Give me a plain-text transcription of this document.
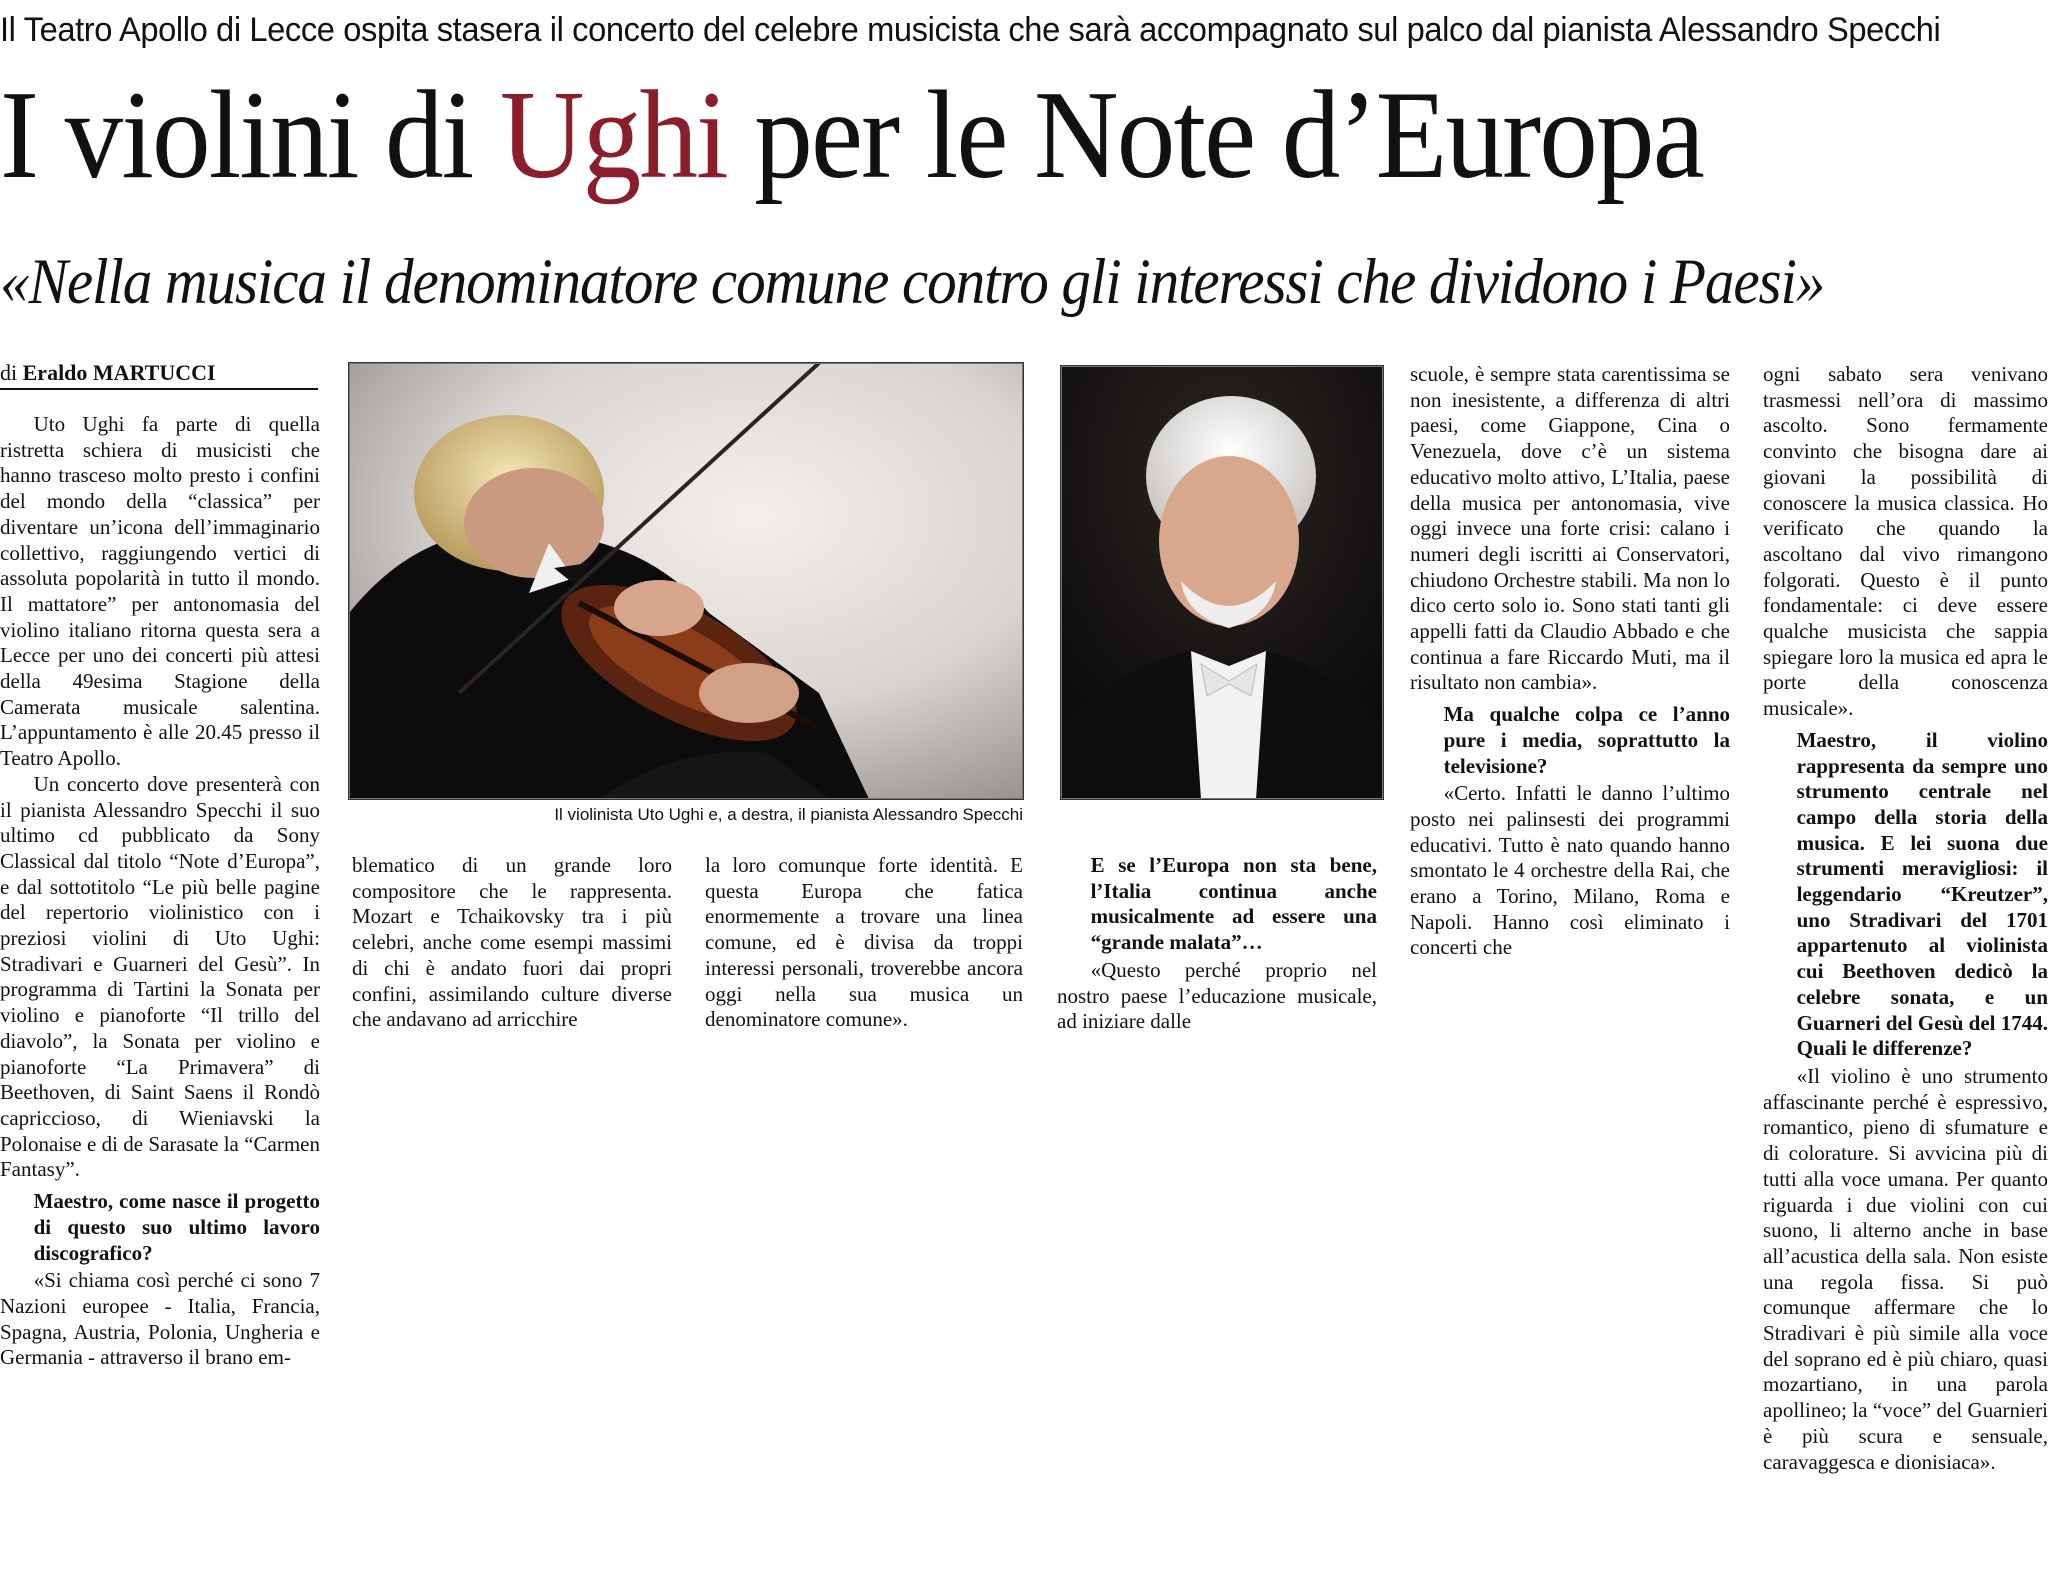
Il Teatro Apollo di Lecce ospita stasera il concerto del celebre musicista che sarà accompagnato sul palco dal pianista Alessandro Specchi
I violini di Ughi per le Note d’Europa
«Nella musica il denominatore comune contro gli interessi che dividono i Paesi»
di Eraldo MARTUCCI

Uto Ughi fa parte di quella ristretta schiera di musicisti che hanno trasceso molto presto i confini del mondo della “classica” per diventare un’icona dell’immaginario collettivo, raggiungendo vertici di assoluta popolarità in tutto il mondo. Il mattatore” per antonomasia del violino italiano ritorna questa sera a Lecce per uno dei concerti più attesi della 49esima Stagione della Camerata musicale salentina. L’appuntamento è alle 20.45 presso il Teatro Apollo.

Un concerto dove presenterà con il pianista Alessandro Specchi il suo ultimo cd pubblicato da Sony Classical dal titolo “Note d’Europa”, e dal sottotitolo “Le più belle pagine del repertorio violinistico con i preziosi violini di Uto Ughi: Stradivari e Guarneri del Gesù”. In programma di Tartini la Sonata per violino e pianoforte “Il trillo del diavolo”, la Sonata per violino e pianoforte “La Primavera” di Beethoven, di Saint Saens il Rondò capriccioso, di Wieniavski la Polonaise e di de Sarasate la “Carmen Fantasy”.

Maestro, come nasce il progetto di questo suo ultimo lavoro discografico?

«Si chiama così perché ci sono 7 Nazioni europee - Italia, Francia, Spagna, Austria, Polonia, Ungheria e Germania - attraverso il brano em-

Il violinista Uto Ughi e, a destra, il pianista Alessandro Specchi

blematico di un grande loro compositore che le rappresenta. Mozart e Tchaikovsky tra i più celebri, anche come esempi massimi di chi è andato fuori dai propri confini, assimilando culture diverse che andavano ad arricchire

la loro comunque forte identità. E questa Europa che fatica enormemente a trovare una linea comune, ed è divisa da troppi interessi personali, troverebbe ancora oggi nella sua musica un denominatore comune».

E se l’Europa non sta bene, l’Italia continua anche musicalmente ad essere una “grande malata”…

«Questo perché proprio nel nostro paese l’educazione musicale, ad iniziare dalle

scuole, è sempre stata carentissima se non inesistente, a differenza di altri paesi, come Giappone, Cina o Venezuela, dove c’è un sistema educativo molto attivo, L’Italia, paese della musica per antonomasia, vive oggi invece una forte crisi: calano i numeri degli iscritti ai Conservatori, chiudono Orchestre stabili. Ma non lo dico certo solo io. Sono stati tanti gli appelli fatti da Claudio Abbado e che continua a fare Riccardo Muti, ma il risultato non cambia».

Ma qualche colpa ce l’anno pure i media, soprattutto la televisione?

«Certo. Infatti le danno l’ultimo posto nei palinsesti dei programmi educativi. Tutto è nato quando hanno smontato le 4 orchestre della Rai, che erano a Torino, Milano, Roma e Napoli. Hanno così eliminato i concerti che

ogni sabato sera venivano trasmessi nell’ora di massimo ascolto. Sono fermamente convinto che bisogna dare ai giovani la possibilità di conoscere la musica classica. Ho verificato che quando la ascoltano dal vivo rimangono folgorati. Questo è il punto fondamentale: ci deve essere qualche musicista che sappia spiegare loro la musica ed apra le porte della conoscenza musicale».

Maestro, il violino rappresenta da sempre uno strumento centrale nel campo della storia della musica. E lei suona due strumenti meravigliosi: il leggendario “Kreutzer”, uno Stradivari del 1701 appartenuto al violinista cui Beethoven dedicò la celebre sonata, e un Guarneri del Gesù del 1744. Quali le differenze?

«Il violino è uno strumento affascinante perché è espressivo, romantico, pieno di sfumature e di colorature. Si avvicina più di tutti alla voce umana. Per quanto riguarda i due violini con cui suono, li alterno anche in base all’acustica della sala. Non esiste una regola fissa. Si può comunque affermare che lo Stradivari è più simile alla voce del soprano ed è più chiaro, quasi mozartiano, in una parola apollineo; la “voce” del Guarnieri è più scura e sensuale, caravaggesca e dionisiaca».
